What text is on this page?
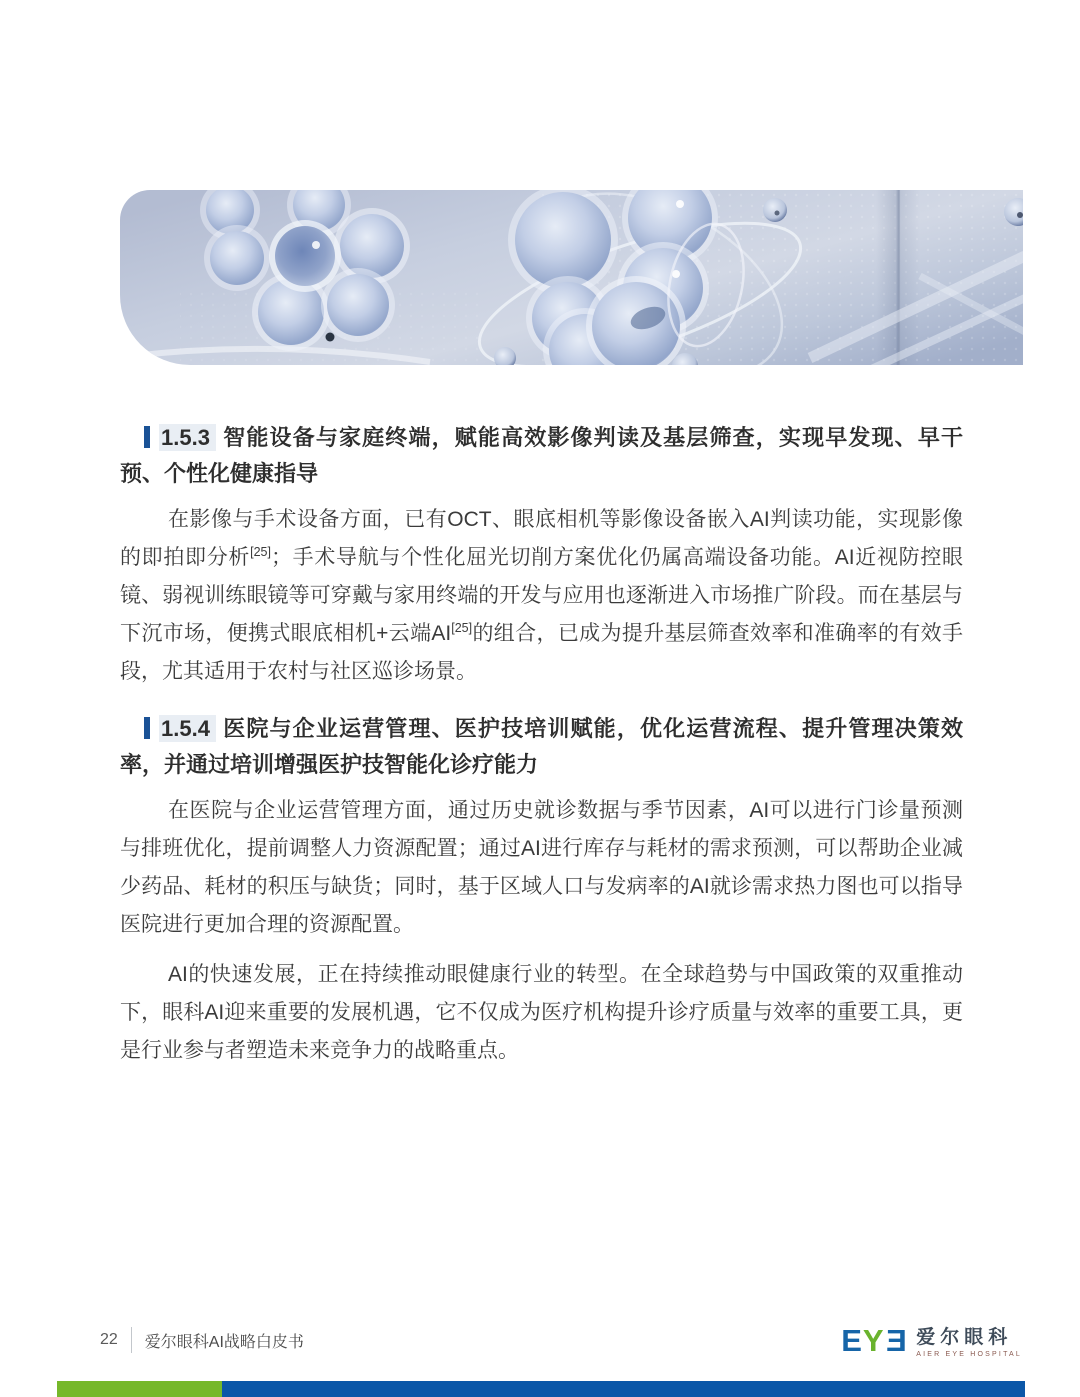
1.5.3 智能设备与家庭终端，赋能高效影像判读及基层筛查，实现早发现、早干预、个性化健康指导

在影像与手术设备方面，已有OCT、眼底相机等影像设备嵌入AI判读功能，实现影像的即拍即分析[25]；手术导航与个性化屈光切削方案优化仍属高端设备功能。AI近视防控眼镜、弱视训练眼镜等可穿戴与家用终端的开发与应用也逐渐进入市场推广阶段。而在基层与下沉市场，便携式眼底相机+云端AI[25]的组合，已成为提升基层筛查效率和准确率的有效手段，尤其适用于农村与社区巡诊场景。

1.5.4 医院与企业运营管理、医护技培训赋能，优化运营流程、提升管理决策效率，并通过培训增强医护技智能化诊疗能力

在医院与企业运营管理方面，通过历史就诊数据与季节因素，AI可以进行门诊量预测与排班优化，提前调整人力资源配置；通过AI进行库存与耗材的需求预测，可以帮助企业减少药品、耗材的积压与缺货；同时，基于区域人口与发病率的AI就诊需求热力图也可以指导医院进行更加合理的资源配置。

AI的快速发展，正在持续推动眼健康行业的转型。在全球趋势与中国政策的双重推动下，眼科AI迎来重要的发展机遇，它不仅成为医疗机构提升诊疗质量与效率的重要工具，更是行业参与者塑造未来竞争力的战略重点。

22 爱尔眼科AI战略白皮书	EYE 爱尔眼科
AIER EYE HOSPITAL
